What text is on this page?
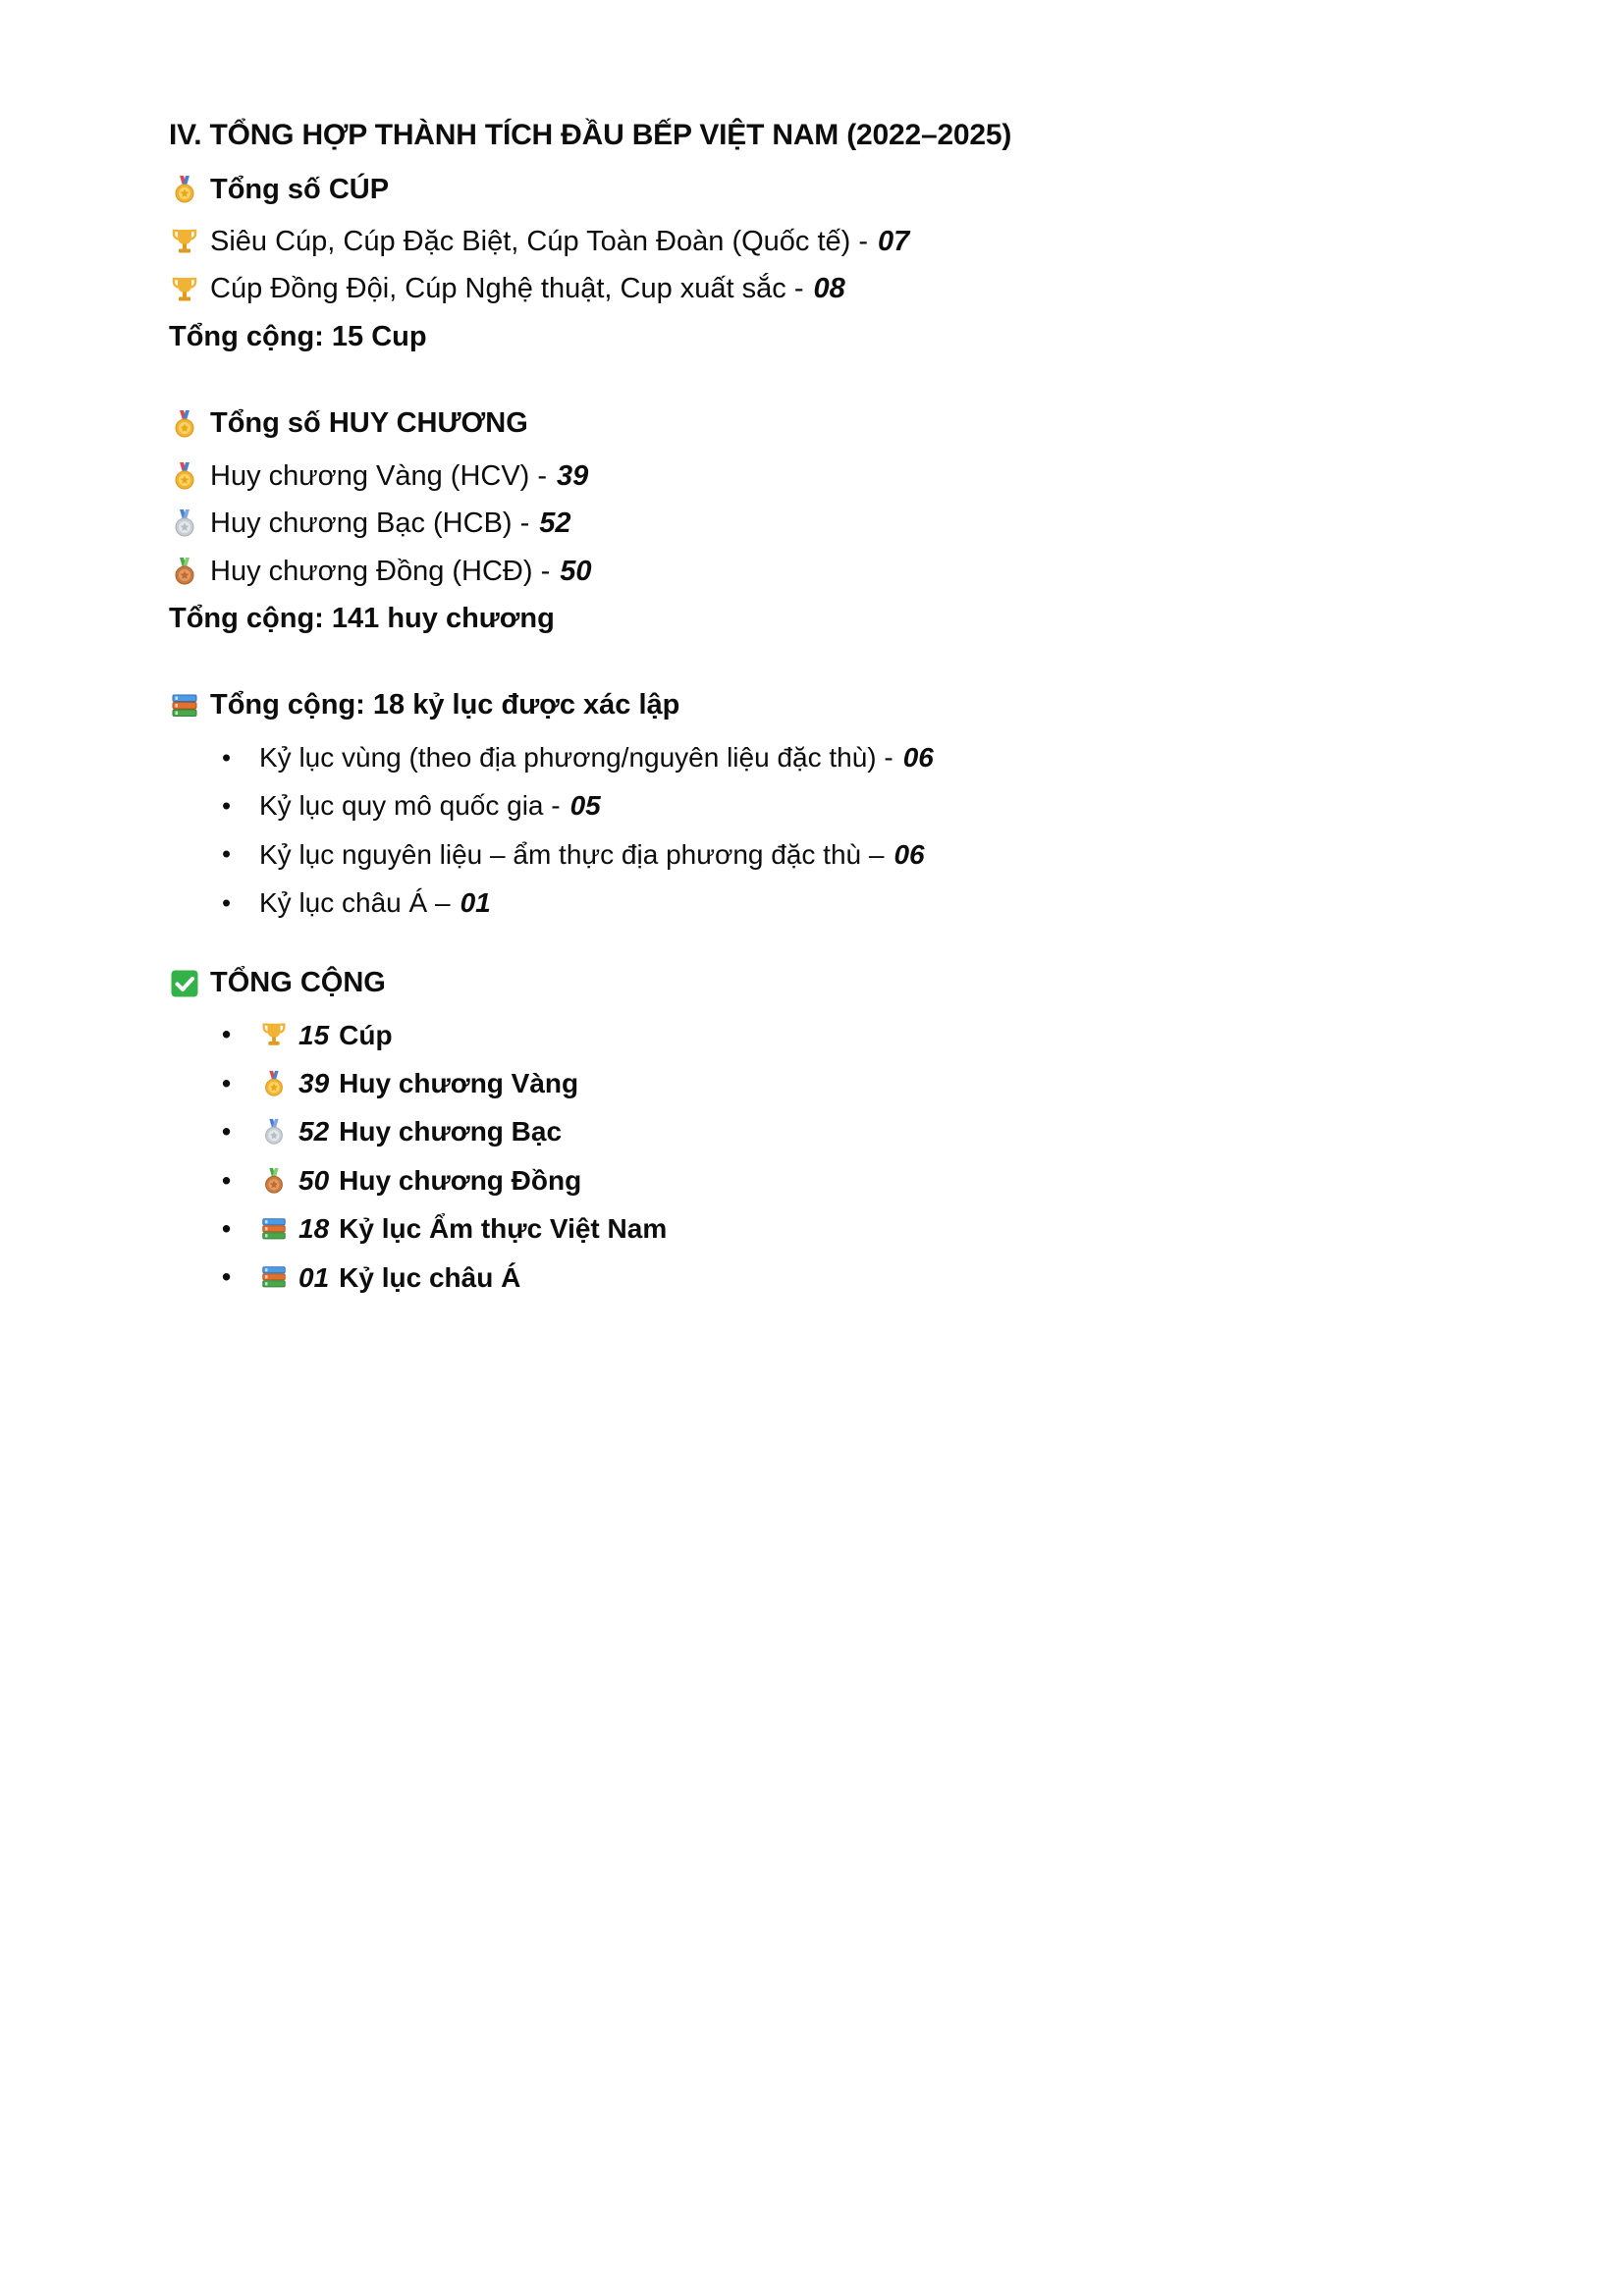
IV. TỔNG HỢP THÀNH TÍCH ĐẦU BẾP VIỆT NAM (2022–2025)
Tổng số CÚP
Siêu Cúp, Cúp Đặc Biệt, Cúp Toàn Đoàn (Quốc tế) - 07
Cúp Đồng Đội, Cúp Nghệ thuật, Cup xuất sắc - 08

Tổng cộng: 15 Cup

Tổng số HUY CHƯƠNG
Huy chương Vàng (HCV) - 39
Huy chương Bạc (HCB) - 52
Huy chương Đồng (HCĐ) - 50

Tổng cộng: 141 huy chương

Tổng cộng: 18 kỷ lục được xác lập
• Kỷ lục vùng (theo địa phương/nguyên liệu đặc thù) - 06
• Kỷ lục quy mô quốc gia - 05
• Kỷ lục nguyên liệu – ẩm thực địa phương đặc thù – 06
• Kỷ lục châu Á – 01
TỔNG CỘNG
• 15 Cúp
• 39 Huy chương Vàng
• 52 Huy chương Bạc
• 50 Huy chương Đồng
• 18 Kỷ lục Ẩm thực Việt Nam
• 01 Kỷ lục châu Á
